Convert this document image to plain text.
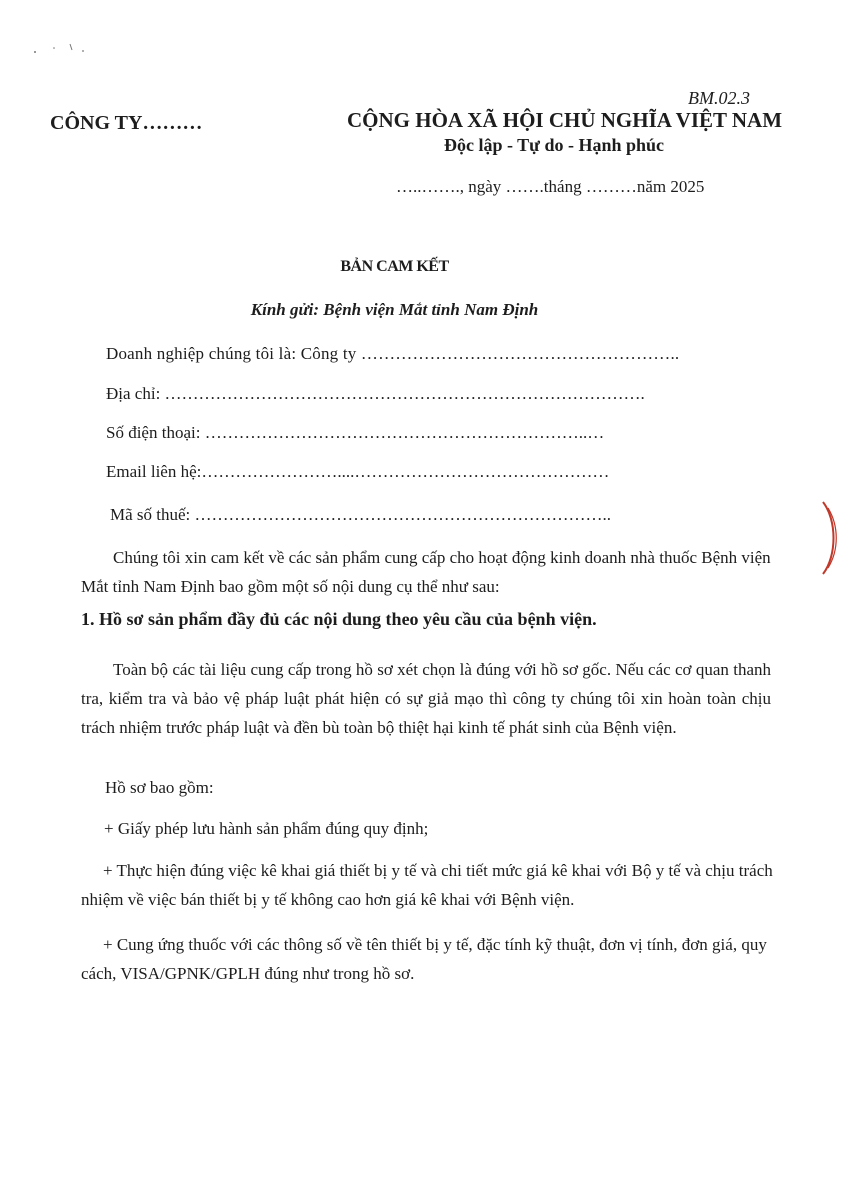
BM.02.3
CÔNG TY………	CỘNG HÒA XÃ HỘI CHỦ NGHĨA VIỆT NAM
Độc lập - Tự do - Hạnh phúc
…..……., ngày …….tháng ………năm 2025
BẢN CAM KẾT
Kính gửi: Bệnh viện Mắt tỉnh Nam Định
Doanh nghiệp chúng tôi là: Công ty ………………………………………………..
Địa chỉ: ………………………………………………………………………….
Số điện thoại: …………………………………………………………..…
Email liên hệ:……………………....………………………………………
Mã số thuế: ………………………………………………………………..
Chúng tôi xin cam kết về các sản phẩm cung cấp cho hoạt động kinh doanh nhà thuốc Bệnh viện Mắt tỉnh Nam Định bao gồm một số nội dung cụ thể như sau:
1. Hồ sơ sản phẩm đầy đủ các nội dung theo yêu cầu của bệnh viện.
Toàn bộ các tài liệu cung cấp trong hồ sơ xét chọn là đúng với hồ sơ gốc. Nếu các cơ quan thanh tra, kiểm tra và bảo vệ pháp luật phát hiện có sự giả mạo thì công ty chúng tôi xin hoàn toàn chịu trách nhiệm trước pháp luật và đền bù toàn bộ thiệt hại kinh tế phát sinh của Bệnh viện.
Hồ sơ bao gồm:
+ Giấy phép lưu hành sản phẩm đúng quy định;
+ Thực hiện đúng việc kê khai giá thiết bị y tế và chi tiết mức giá kê khai với Bộ y tế và chịu trách nhiệm về việc bán thiết bị y tế không cao hơn giá kê khai với Bệnh viện.
+ Cung ứng thuốc với các thông số về tên thiết bị y tế, đặc tính kỹ thuật, đơn vị tính, đơn giá, quy cách, VISA/GPNK/GPLH đúng như trong hồ sơ.
